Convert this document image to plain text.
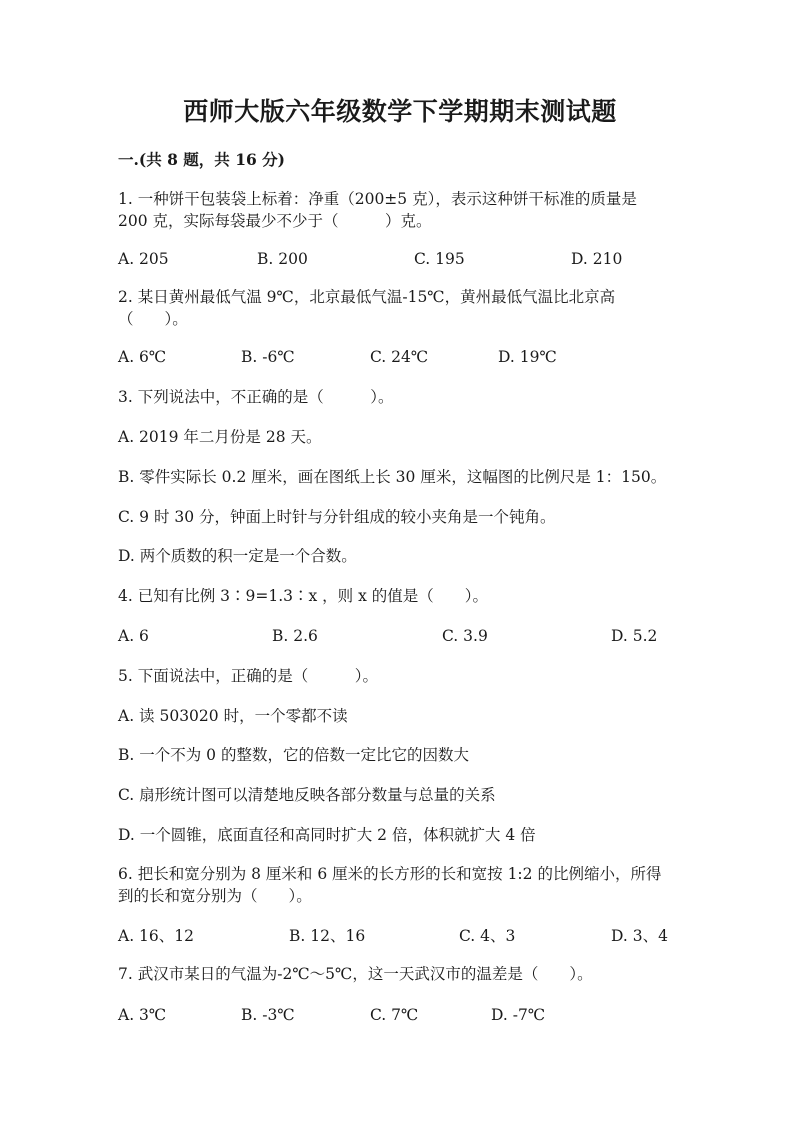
西师大版六年级数学下学期期末测试题
一.(共 8 题，共 16 分)
1. 一种饼干包装袋上标着：净重（200±5 克），表示这种饼干标准的质量是
200 克，实际每袋最少不少于（　　　）克。
A. 205	B. 200	C. 195	D. 210
2. 某日黄州最低气温 9℃，北京最低气温-15℃，黄州最低气温比北京高
（　　）。
A. 6℃	B. -6℃	C. 24℃	D. 19℃
3. 下列说法中，不正确的是（　　　）。
A. 2019 年二月份是 28 天。
B. 零件实际长 0.2 厘米，画在图纸上长 30 厘米，这幅图的比例尺是 1：150。
C. 9 时 30 分，钟面上时针与分针组成的较小夹角是一个钝角。
D. 两个质数的积一定是一个合数。
4. 已知有比例 3∶9=1.3∶x ，则 x 的值是（　　）。
A. 6	B. 2.6	C. 3.9	D. 5.2
5. 下面说法中，正确的是（　　　）。
A. 读 503020 时，一个零都不读
B. 一个不为 0 的整数，它的倍数一定比它的因数大
C. 扇形统计图可以清楚地反映各部分数量与总量的关系
D. 一个圆锥，底面直径和高同时扩大 2 倍，体积就扩大 4 倍
6. 把长和宽分别为 8 厘米和 6 厘米的长方形的长和宽按 1:2 的比例缩小，所得
到的长和宽分别为（　　）。
A. 16、12	B. 12、16	C. 4、3	D. 3、4
7. 武汉市某日的气温为-2℃～5℃，这一天武汉市的温差是（　　）。
A. 3℃	B. -3℃	C. 7℃	D. -7℃
